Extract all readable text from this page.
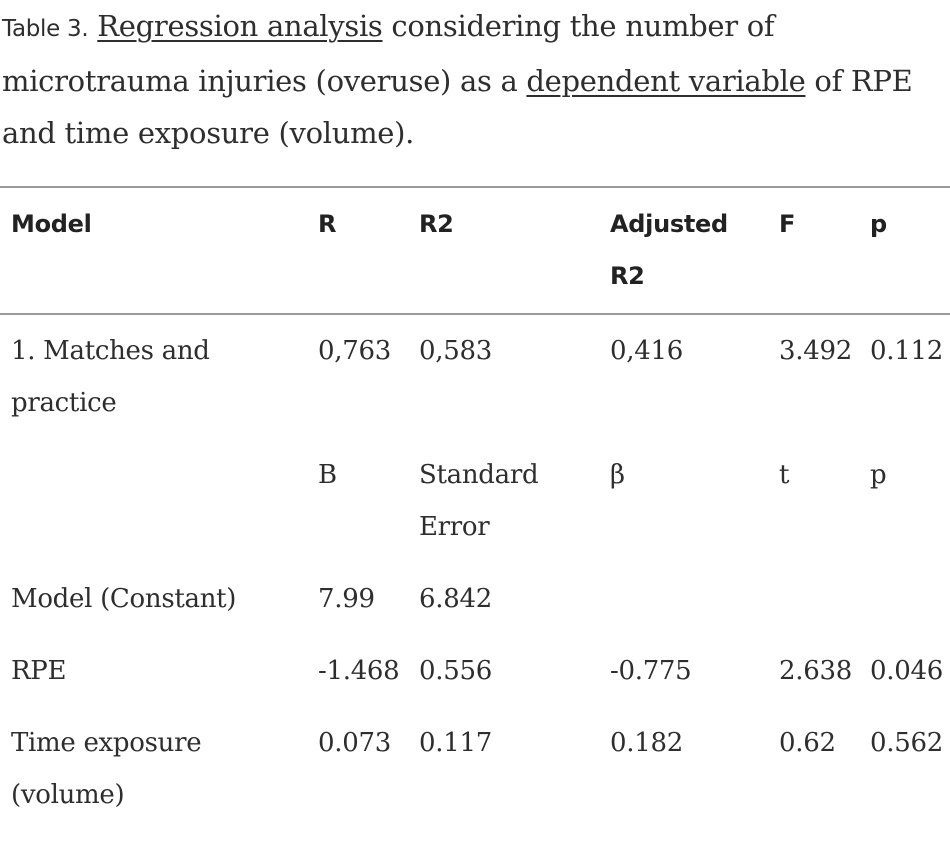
Table 3. Regression analysis considering the number of microtrauma injuries (overuse) as a dependent variable of RPE and time exposure (volume).
Model	R	R2	Adjusted R2	F	p
1. Matches and practice	0,763	0,583	0,416	3.492	0.112
	B	Standard Error	β	t	p
Model (Constant)	7.99	6.842			
RPE	-1.468	0.556	-0.775	2.638	0.046
Time exposure (volume)	0.073	0.117	0.182	0.62	0.562
